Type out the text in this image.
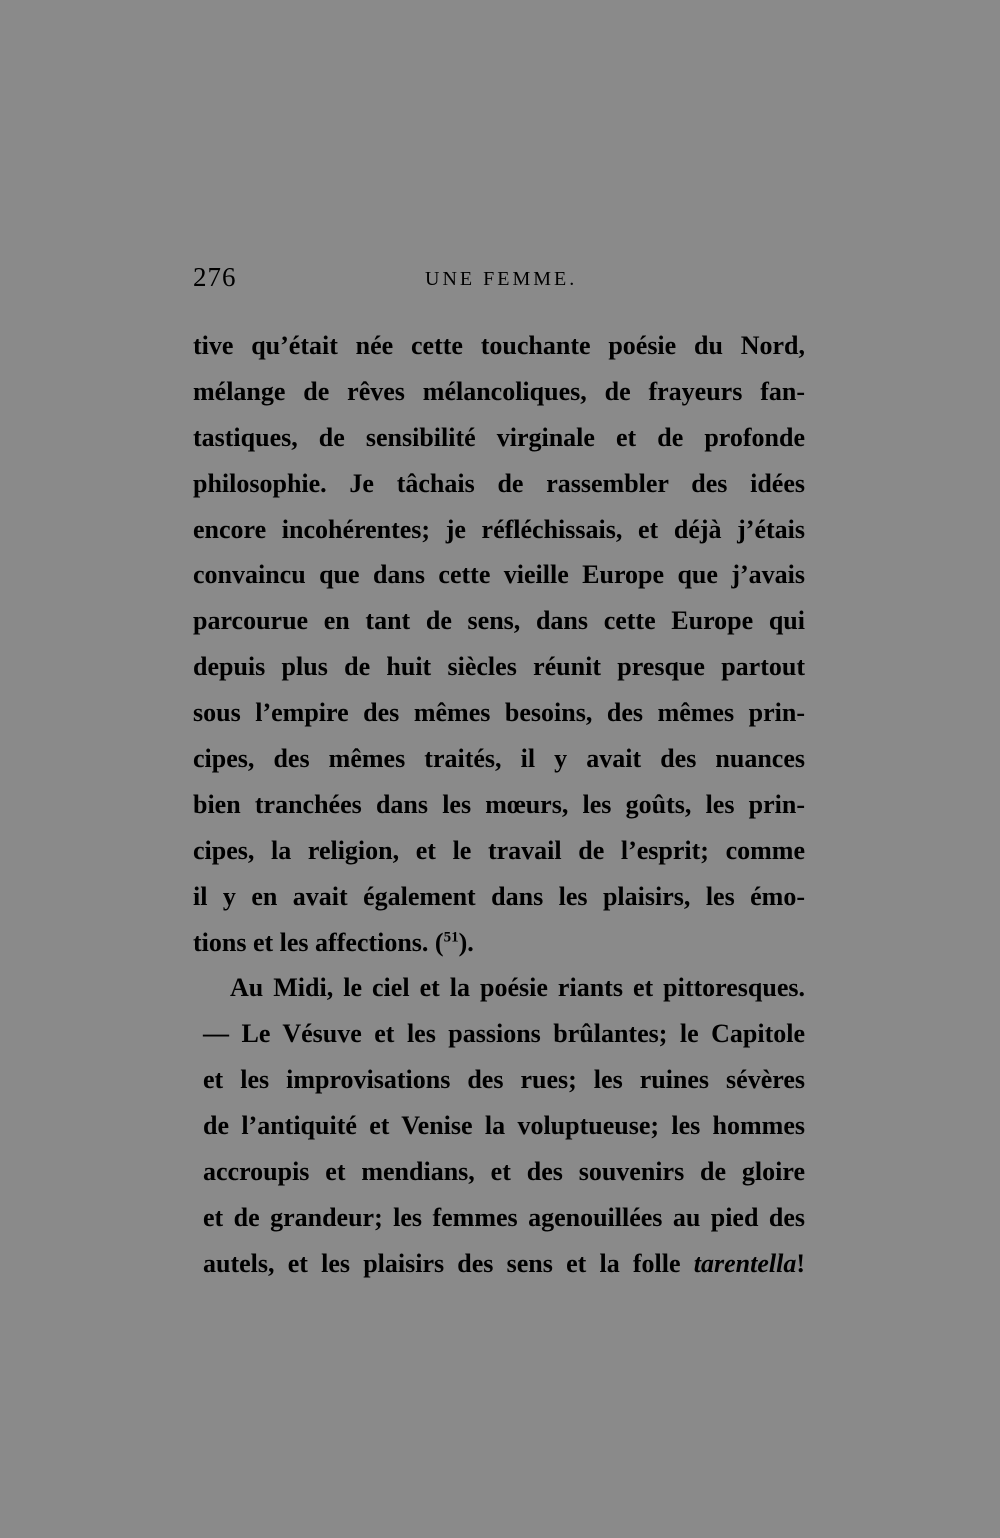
276	UNE FEMME.
tive qu’était née cette touchante poésie du Nord,
mélange de rêves mélancoliques, de frayeurs fan-
tastiques, de sensibilité virginale et de profonde
philosophie. Je tâchais de rassembler des idées
encore incohérentes; je réfléchissais, et déjà j’étais
convaincu que dans cette vieille Europe que j’avais
parcourue en tant de sens, dans cette Europe qui
depuis plus de huit siècles réunit presque partout
sous l’empire des mêmes besoins, des mêmes prin-
cipes, des mêmes traités, il y avait des nuances
bien tranchées dans les mœurs, les goûts, les prin-
cipes, la religion, et le travail de l’esprit; comme
il y en avait également dans les plaisirs, les émo-
tions et les affections. ($^{51}$).
Au Midi, le ciel et la poésie riants et pittoresques.
— Le Vésuve et les passions brûlantes; le Capitole
et les improvisations des rues; les ruines sévères
de l’antiquité et Venise la voluptueuse; les hommes
accroupis et mendians, et des souvenirs de gloire
et de grandeur; les femmes agenouillées au pied des
autels, et les plaisirs des sens et la folle tarentella!
